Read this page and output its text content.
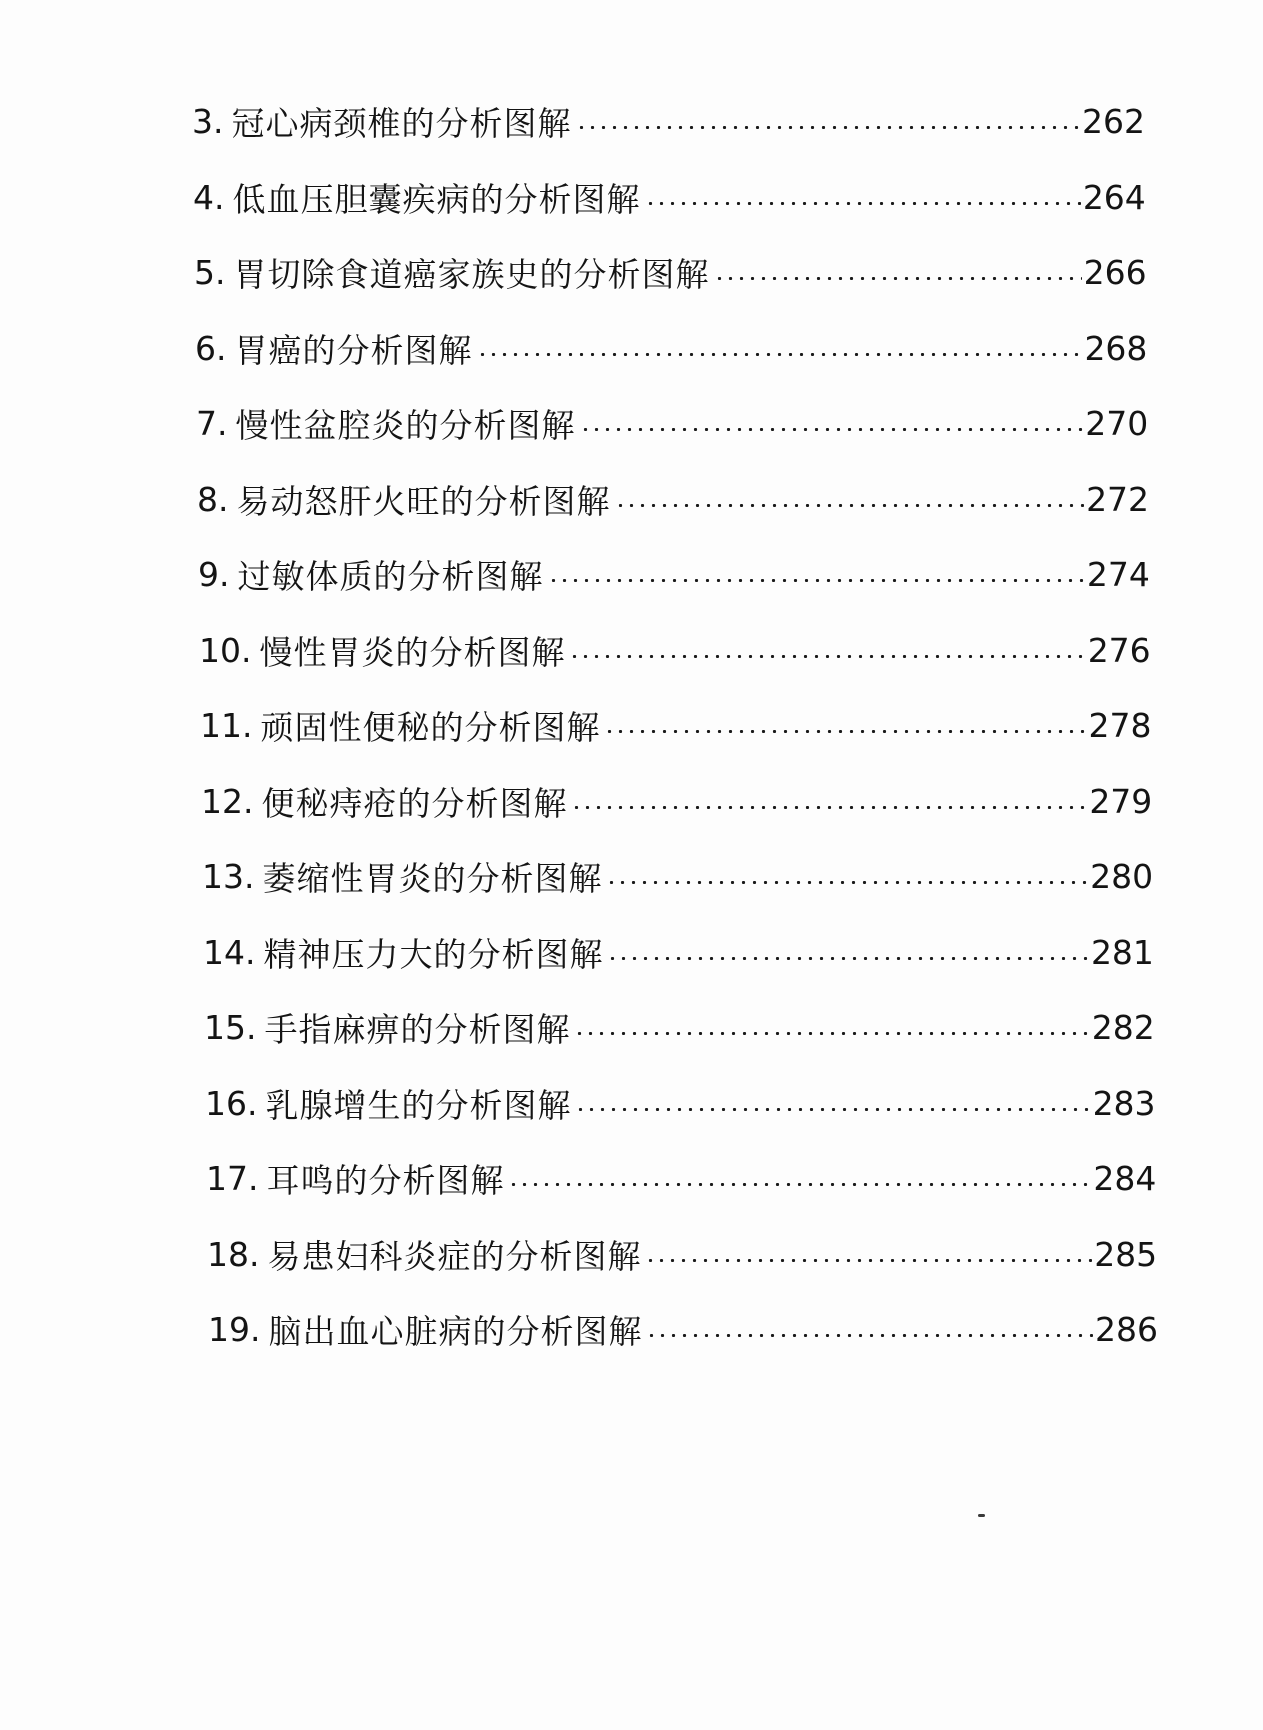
3. 冠心病颈椎的分析图解	262
4. 低血压胆囊疾病的分析图解	264
5. 胃切除食道癌家族史的分析图解	266
6. 胃癌的分析图解	268
7. 慢性盆腔炎的分析图解	270
8. 易动怒肝火旺的分析图解	272
9. 过敏体质的分析图解	274
10. 慢性胃炎的分析图解	276
11. 顽固性便秘的分析图解	278
12. 便秘痔疮的分析图解	279
13. 萎缩性胃炎的分析图解	280
14. 精神压力大的分析图解	281
15. 手指麻痹的分析图解	282
16. 乳腺增生的分析图解	283
17. 耳鸣的分析图解	284
18. 易患妇科炎症的分析图解	285
19. 脑出血心脏病的分析图解	286
